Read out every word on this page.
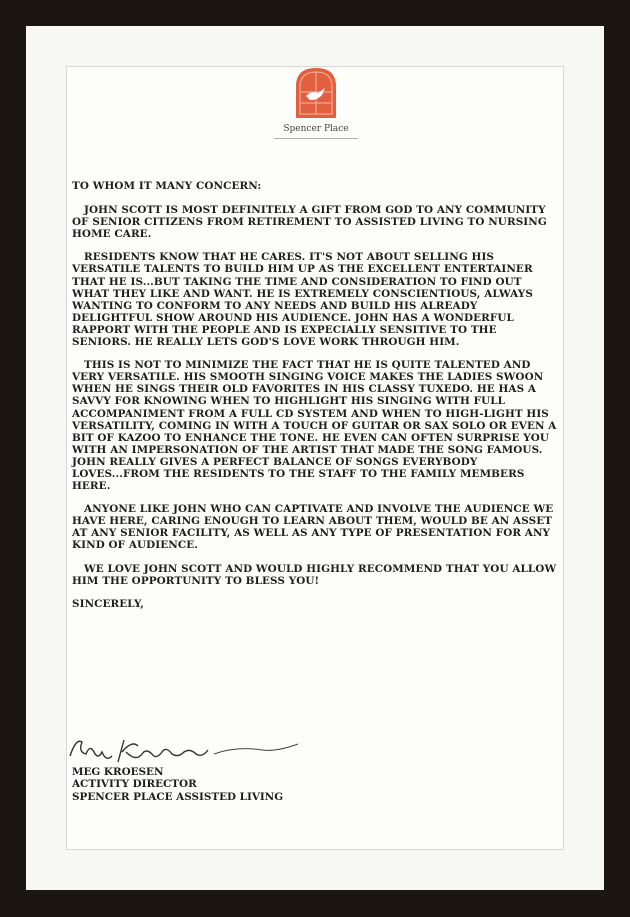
Spencer Place

TO WHOM IT MANY CONCERN:

JOHN SCOTT IS MOST DEFINITELY A GIFT FROM GOD TO ANY COMMUNITY OF SENIOR CITIZENS FROM RETIREMENT TO ASSISTED LIVING TO NURSING HOME CARE.

RESIDENTS KNOW THAT HE CARES. IT'S NOT ABOUT SELLING HIS VERSATILE TALENTS TO BUILD HIM UP AS THE EXCELLENT ENTERTAINER THAT HE IS...BUT TAKING THE TIME AND CONSIDERATION TO FIND OUT WHAT THEY LIKE AND WANT. HE IS EXTREMELY CONSCIENTIOUS, ALWAYS WANTING TO CONFORM TO ANY NEEDS AND BUILD HIS ALREADY DELIGHTFUL SHOW AROUND HIS AUDIENCE. JOHN HAS A WONDERFUL RAPPORT WITH THE PEOPLE AND IS EXPECIALLY SENSITIVE TO THE SENIORS. HE REALLY LETS GOD'S LOVE WORK THROUGH HIM.

THIS IS NOT TO MINIMIZE THE FACT THAT HE IS QUITE TALENTED AND VERY VERSATILE. HIS SMOOTH SINGING VOICE MAKES THE LADIES SWOON WHEN HE SINGS THEIR OLD FAVORITES IN HIS CLASSY TUXEDO. HE HAS A SAVVY FOR KNOWING WHEN TO HIGHLIGHT HIS SINGING WITH FULL ACCOMPANIMENT FROM A FULL CD SYSTEM AND WHEN TO HIGH-LIGHT HIS VERSATILITY, COMING IN WITH A TOUCH OF GUITAR OR SAX SOLO OR EVEN A BIT OF KAZOO TO ENHANCE THE TONE. HE EVEN CAN OFTEN SURPRISE YOU WITH AN IMPERSONATION OF THE ARTIST THAT MADE THE SONG FAMOUS. JOHN REALLY GIVES A PERFECT BALANCE OF SONGS EVERYBODY LOVES...FROM THE RESIDENTS TO THE STAFF TO THE FAMILY MEMBERS HERE.

ANYONE LIKE JOHN WHO CAN CAPTIVATE AND INVOLVE THE AUDIENCE WE HAVE HERE, CARING ENOUGH TO LEARN ABOUT THEM, WOULD BE AN ASSET AT ANY SENIOR FACILITY, AS WELL AS ANY TYPE OF PRESENTATION FOR ANY KIND OF AUDIENCE.

WE LOVE JOHN SCOTT AND WOULD HIGHLY RECOMMEND THAT YOU ALLOW HIM THE OPPORTUNITY TO BLESS YOU!

SINCERELY,

MEG KROESEN
ACTIVITY DIRECTOR
SPENCER PLACE ASSISTED LIVING
